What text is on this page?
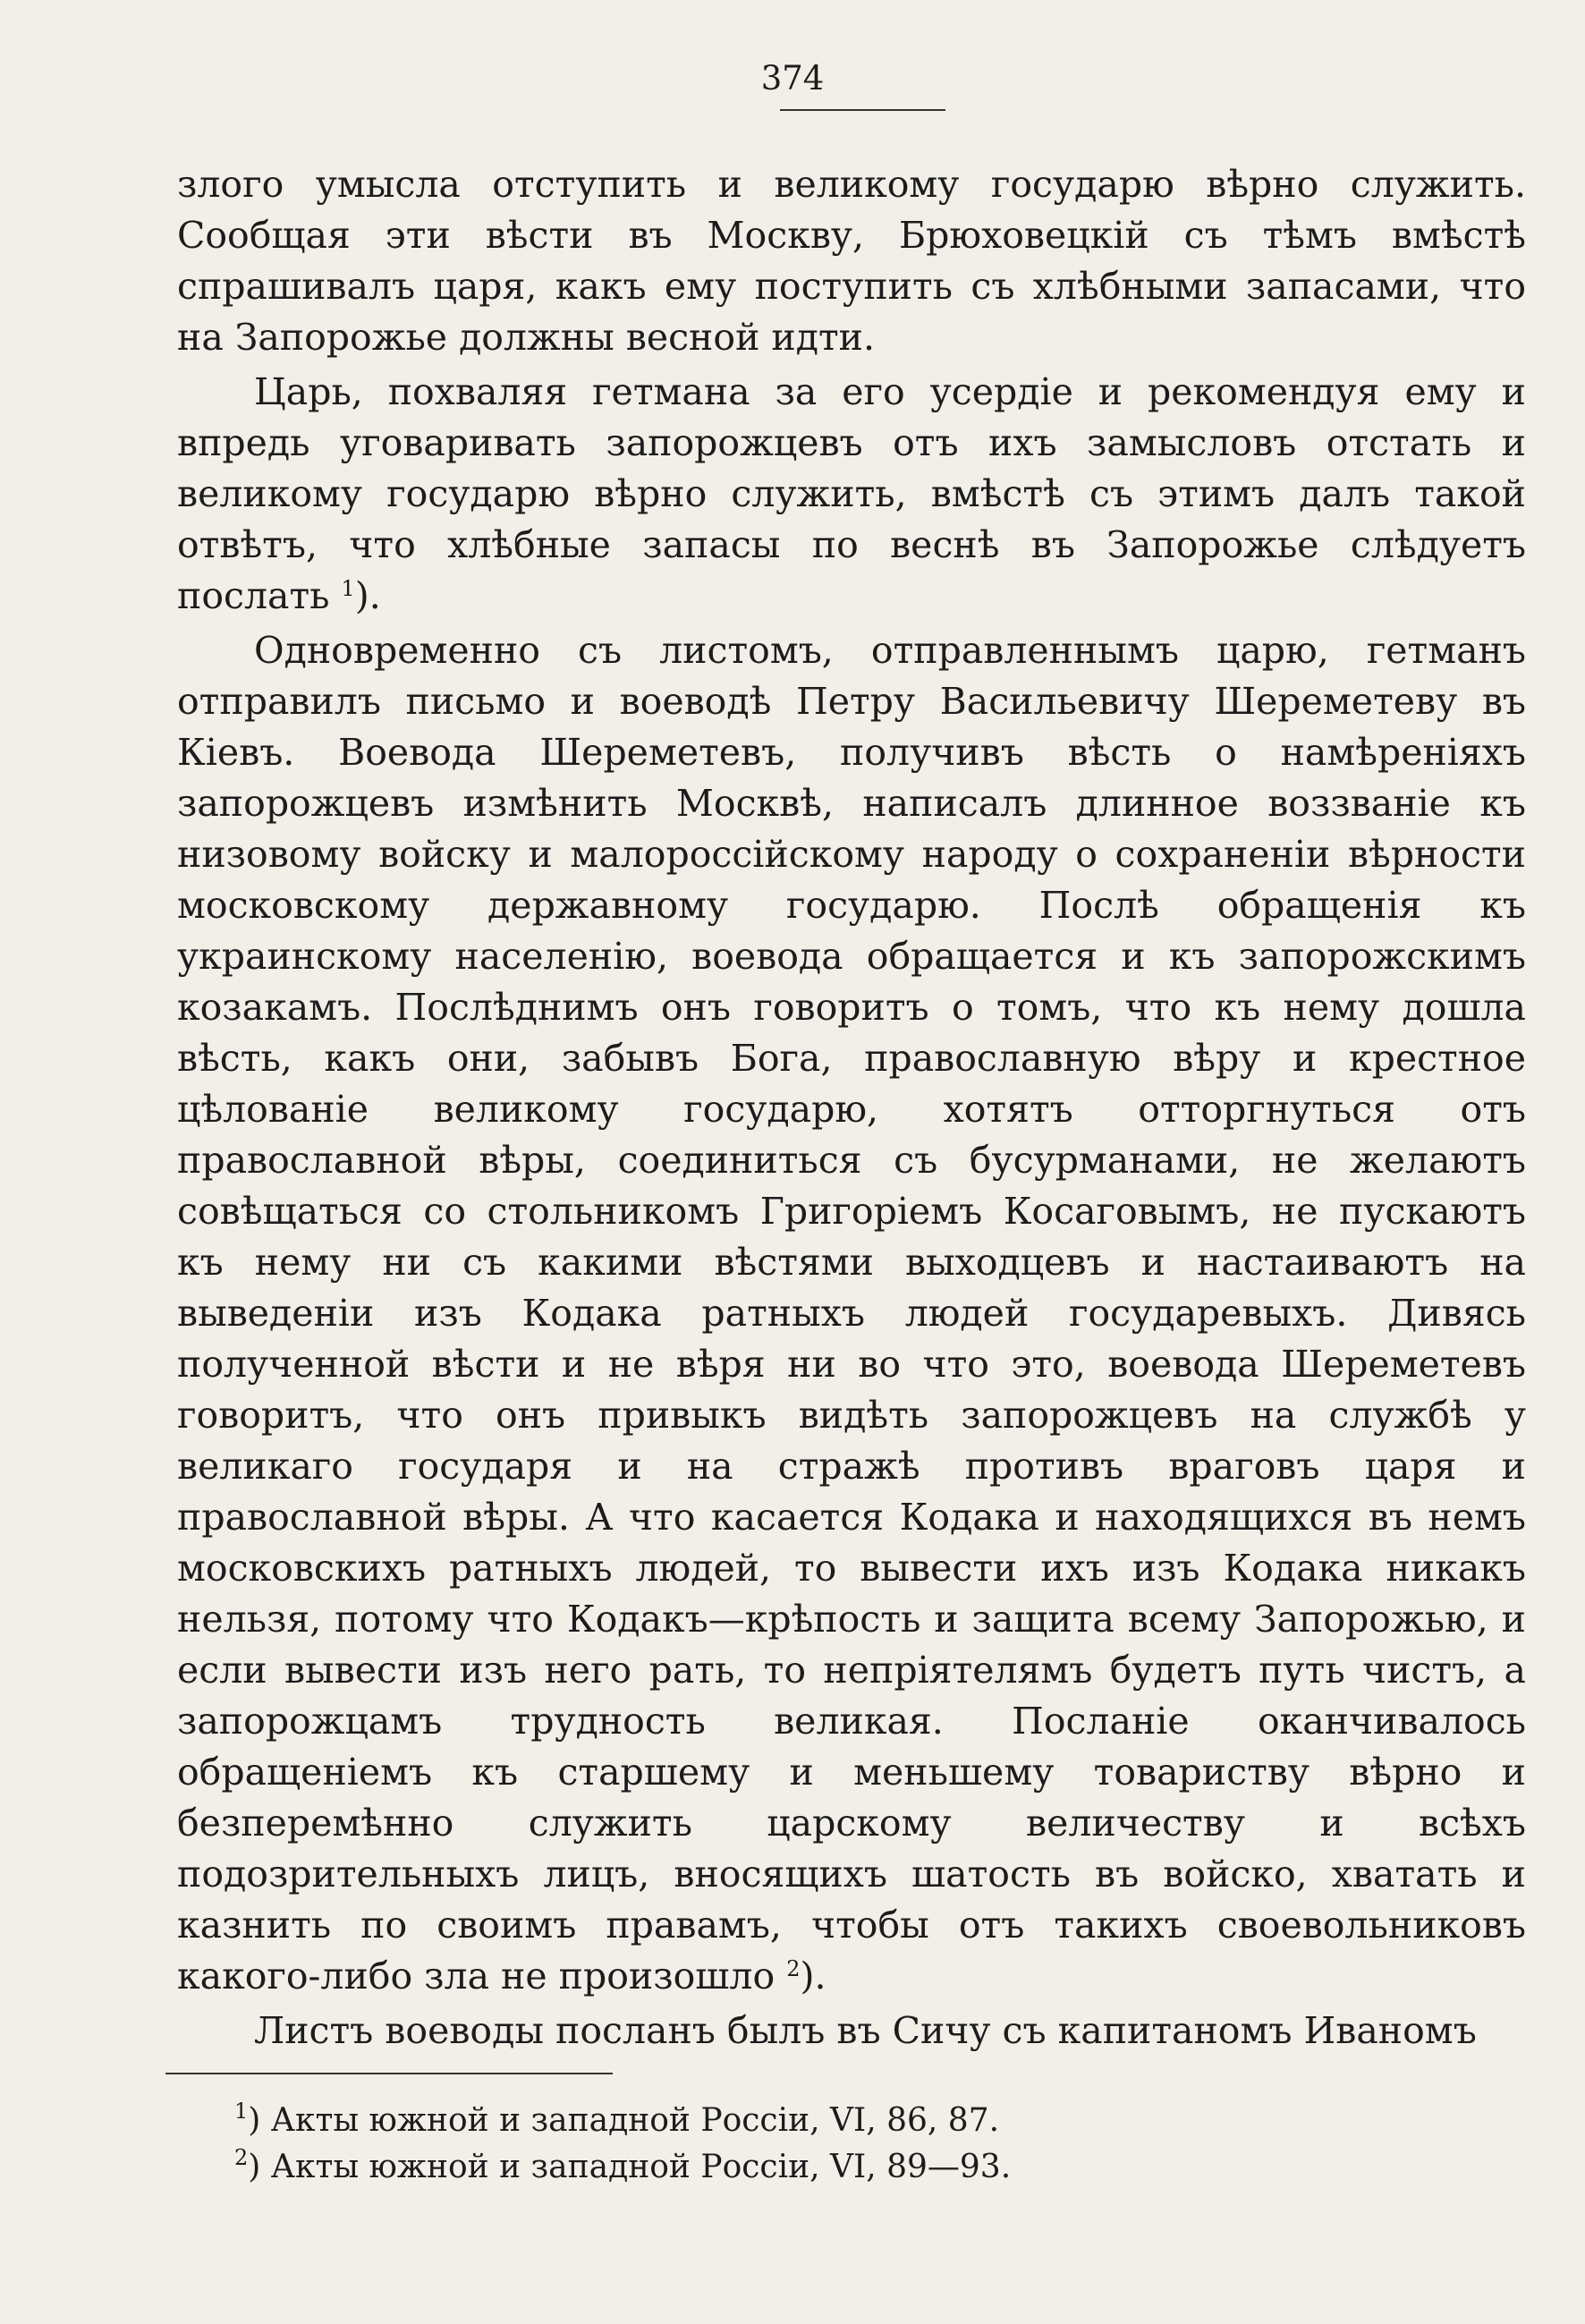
374

злого умысла отступить и великому государю вѣрно служить. Сообщая эти вѣсти въ Москву, Брюховецкій съ тѣмъ вмѣстѣ спрашивалъ царя, какъ ему поступить съ хлѣбными запасами, что на Запорожье должны весной идти.

Царь, похваляя гетмана за его усердіе и рекомендуя ему и впредь уговаривать запорожцевъ отъ ихъ замысловъ отстать и великому государю вѣрно служить, вмѣстѣ съ этимъ далъ такой отвѣтъ, что хлѣбные запасы по веснѣ въ Запорожье слѣдуетъ послать $^1$).

Одновременно съ листомъ, отправленнымъ царю, гетманъ отправилъ письмо и воеводѣ Петру Васильевичу Шереметеву въ Кіевъ. Воевода Шереметевъ, получивъ вѣсть о намѣреніяхъ запорожцевъ измѣнить Москвѣ, написалъ длинное воззваніе къ низовому войску и малороссійскому народу о сохраненіи вѣрности московскому державному государю. Послѣ обращенія къ украинскому населенію, воевода обращается и къ запорожскимъ козакамъ. Послѣднимъ онъ говоритъ о томъ, что къ нему дошла вѣсть, какъ они, забывъ Бога, православную вѣру и крестное цѣлованіе великому государю, хотятъ отторгнуться отъ православной вѣры, соединиться съ бусурманами, не желаютъ совѣщаться со стольникомъ Григоріемъ Косаговымъ, не пускаютъ къ нему ни съ какими вѣстями выходцевъ и настаиваютъ на выведеніи изъ Кодака ратныхъ людей государевыхъ. Дивясь полученной вѣсти и не вѣря ни во что это, воевода Шереметевъ говоритъ, что онъ привыкъ видѣть запорожцевъ на службѣ у великаго государя и на стражѣ противъ враговъ царя и православной вѣры. А что касается Кодака и находящихся въ немъ московскихъ ратныхъ людей, то вывести ихъ изъ Кодака никакъ нельзя, потому что Кодакъ—крѣпость и защита всему Запорожью, и если вывести изъ него рать, то непріятелямъ будетъ путь чистъ, а запорожцамъ трудность великая. Посланіе оканчивалось обращеніемъ къ старшему и меньшему товариству вѣрно и безперемѣнно служить царскому величеству и всѣхъ подозрительныхъ лицъ, вносящихъ шатость въ войско, хватать и казнить по своимъ правамъ, чтобы отъ такихъ своевольниковъ какого-либо зла не произошло $^2$).

Листъ воеводы посланъ былъ въ Сичу съ капитаномъ Иваномъ

$^1$) Акты южной и западной Россіи, VI, 86, 87.
$^2$) Акты южной и западной Россіи, VI, 89—93.
